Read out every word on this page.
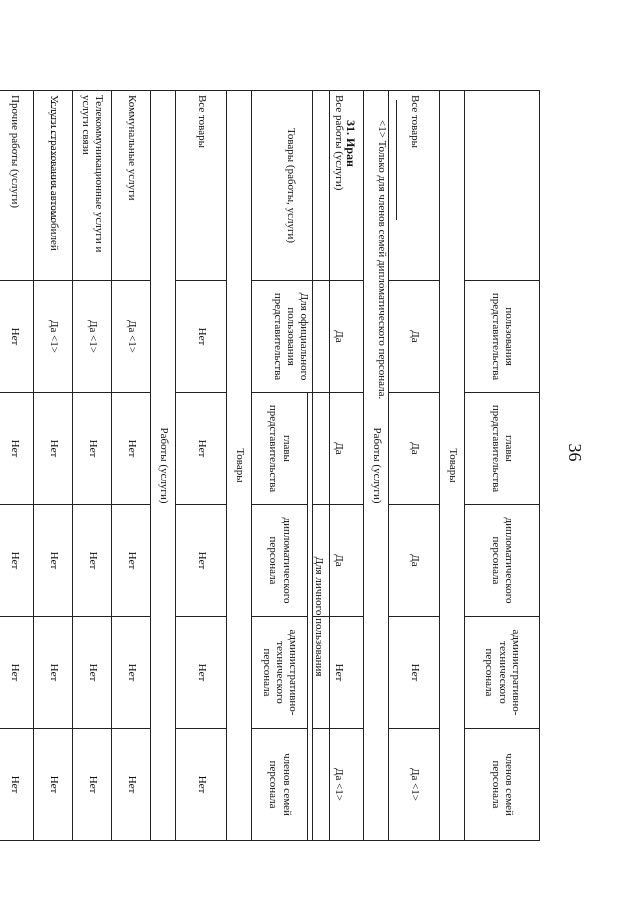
36
	пользования представительства	главы представительства	дипломатического персонала	административно-технического персонала	членов семей персонала
Товары					
Все товары	Да	Да	Да	Нет	Да <1>
Работы (услуги)					
Все работы (услуги)	Да	Да	Да	Нет	Да <1>
<1> Только для членов семей дипломатического персонала.
31. Иран
Товары (работы, услуги)	Для официального пользования представительства	Для личного пользования			
		главы представительства	дипломатического персонала	административно-технического персонала	членов семей персонала
Товары					
Все товары	Нет	Нет	Нет	Нет	Нет
Работы (услуги)					
Коммунальные услуги	Да <1>	Нет	Нет	Нет	Нет
Телекоммуникационные услуги и услуги связи	Да <1>	Нет	Нет	Нет	Нет
Услуги страхования автомобилей	Да <1>	Нет	Нет	Нет	Нет
Прочие работы (услуги)	Нет	Нет	Нет	Нет	Нет
